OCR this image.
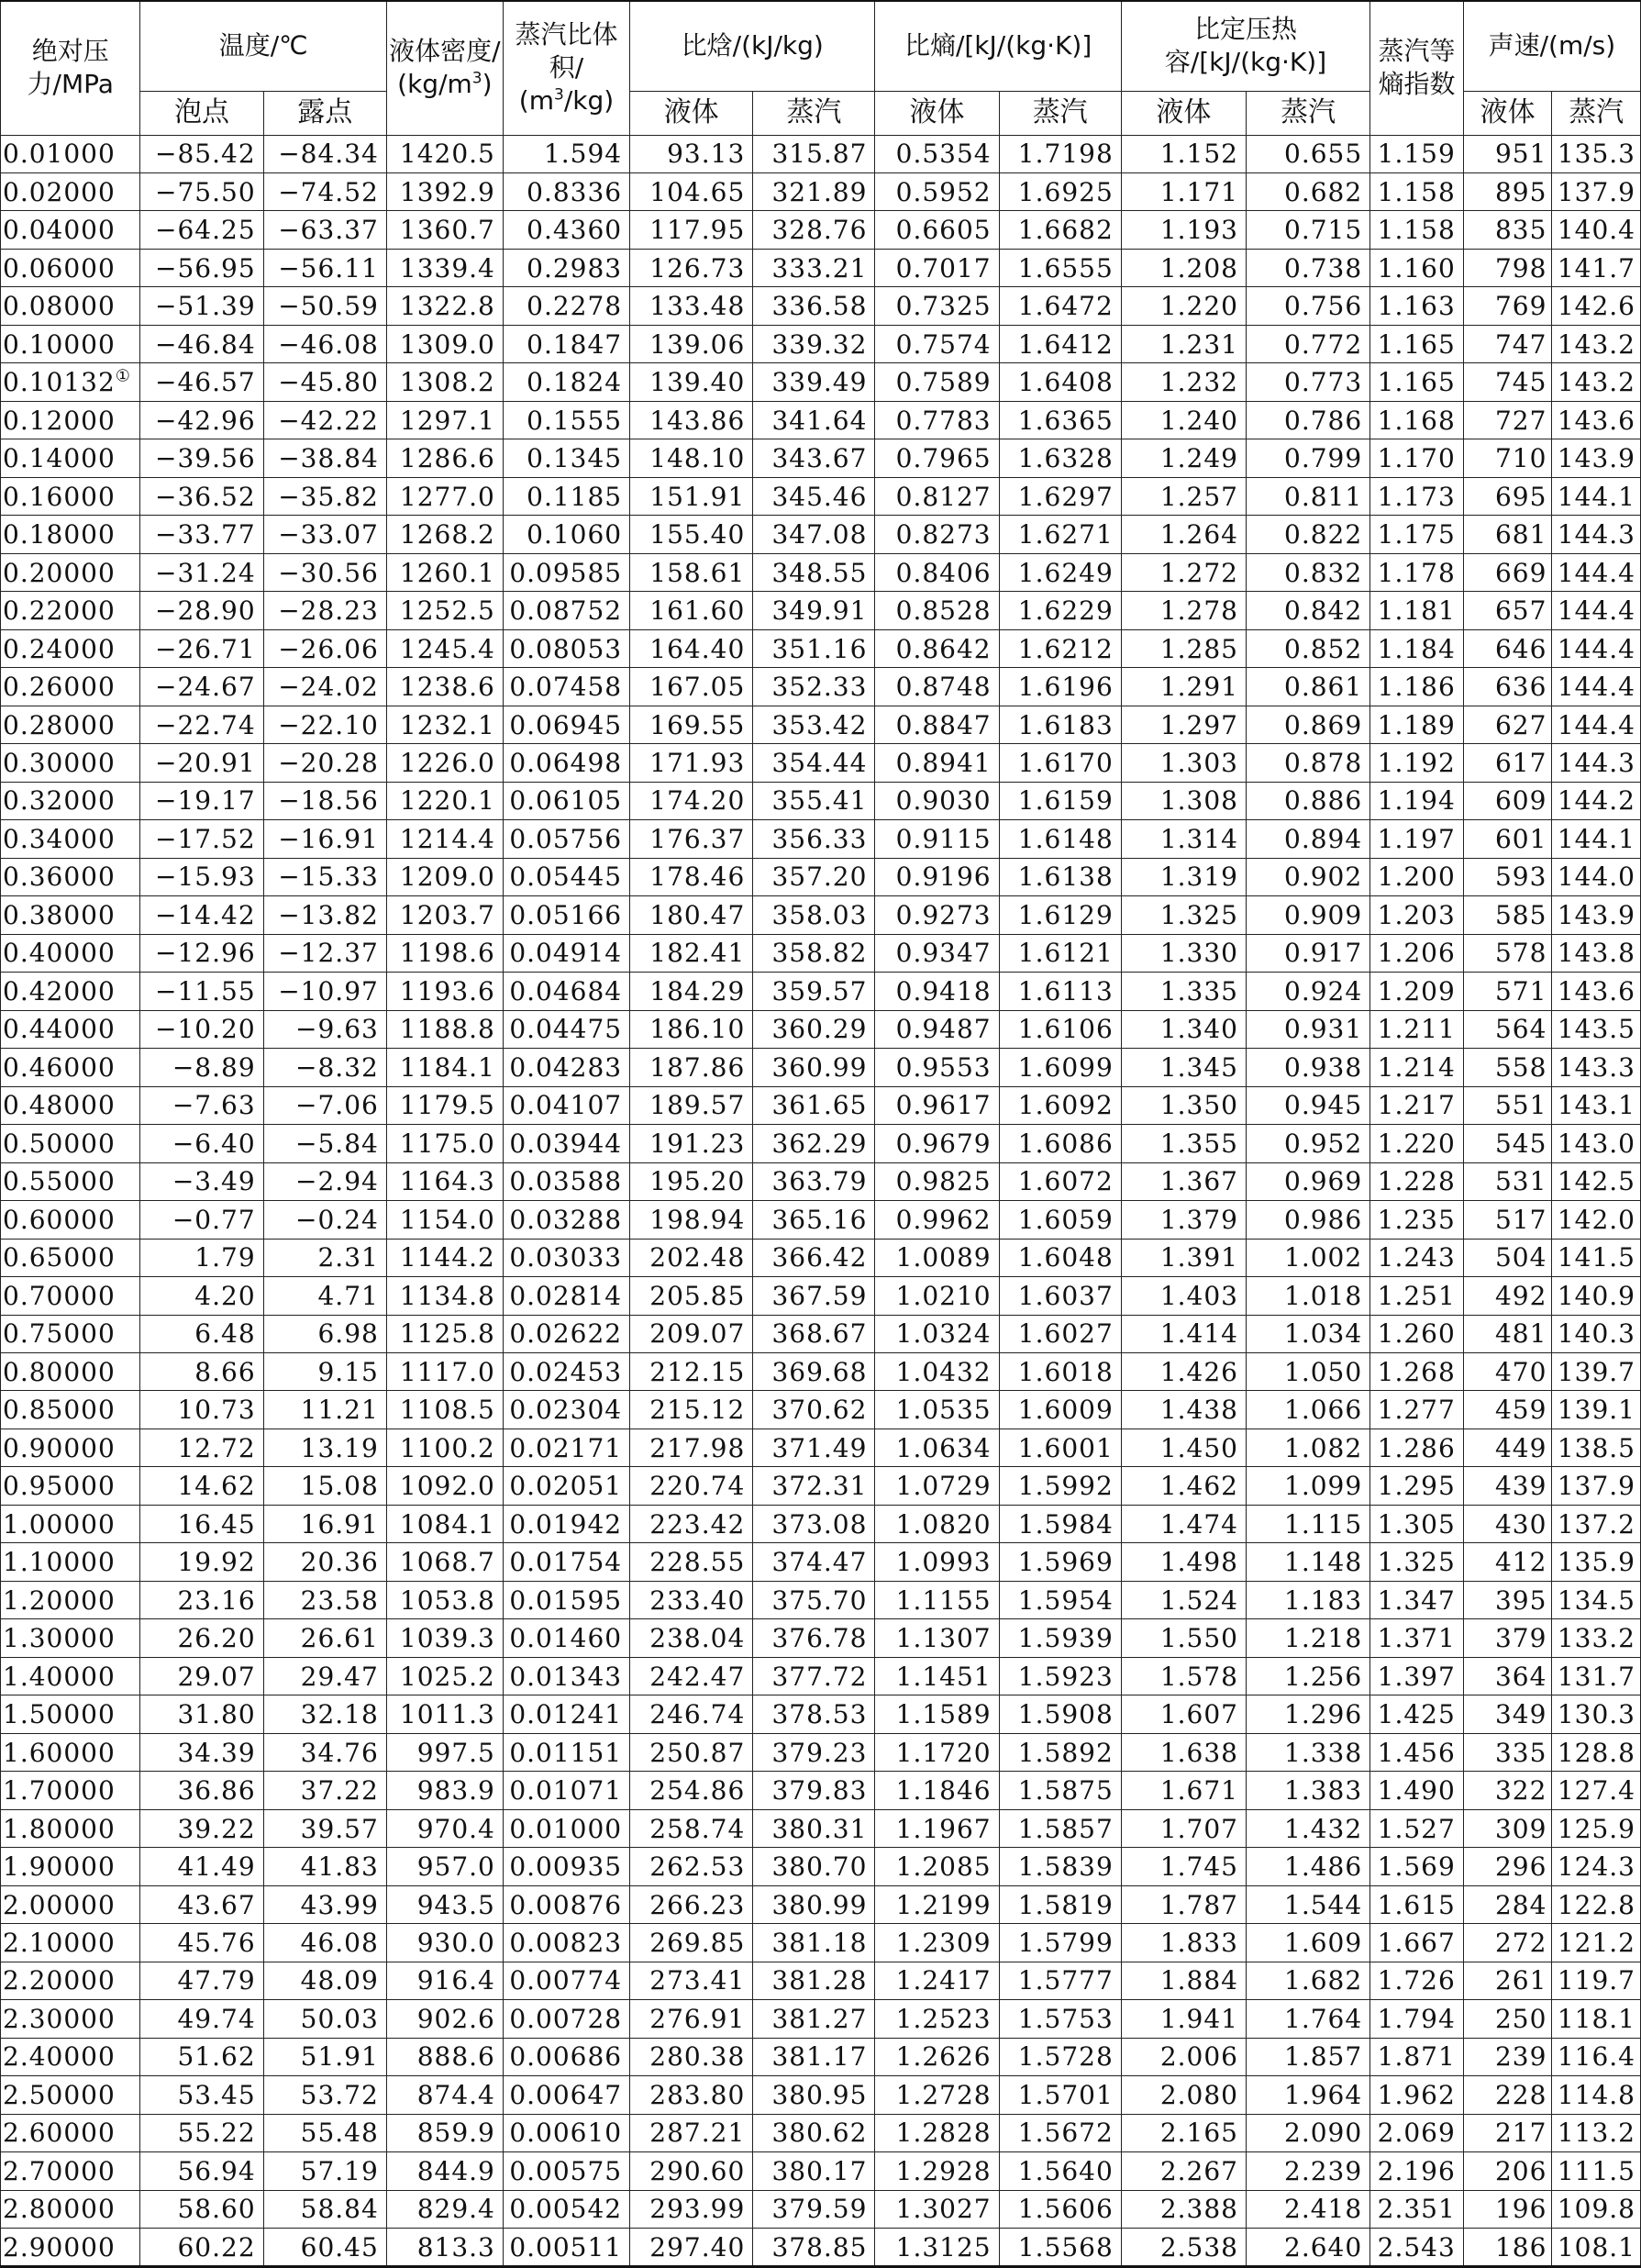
绝对压力/MPa	温度/℃		液体密度/
$(kg/m^3)$	蒸汽比体积/
$(m^3/kg)$	比焓/(kJ/kg)		比熵/[kJ/(kg·K)]		比定压热容/[kJ/(kg·K)]		蒸汽等熵指数	声速/(m/s)	
	泡点	露点			液体	蒸汽	液体	蒸汽	液体	蒸汽		液体	蒸汽
0.01000	−85.42	−84.34	1420.5	1.594	93.13	315.87	0.5354	1.7198	1.152	0.655	1.159	951	135.3
0.02000	−75.50	−74.52	1392.9	0.8336	104.65	321.89	0.5952	1.6925	1.171	0.682	1.158	895	137.9
0.04000	−64.25	−63.37	1360.7	0.4360	117.95	328.76	0.6605	1.6682	1.193	0.715	1.158	835	140.4
0.06000	−56.95	−56.11	1339.4	0.2983	126.73	333.21	0.7017	1.6555	1.208	0.738	1.160	798	141.7
0.08000	−51.39	−50.59	1322.8	0.2278	133.48	336.58	0.7325	1.6472	1.220	0.756	1.163	769	142.6
0.10000	−46.84	−46.08	1309.0	0.1847	139.06	339.32	0.7574	1.6412	1.231	0.772	1.165	747	143.2
0.10132①	−46.57	−45.80	1308.2	0.1824	139.40	339.49	0.7589	1.6408	1.232	0.773	1.165	745	143.2
0.12000	−42.96	−42.22	1297.1	0.1555	143.86	341.64	0.7783	1.6365	1.240	0.786	1.168	727	143.6
0.14000	−39.56	−38.84	1286.6	0.1345	148.10	343.67	0.7965	1.6328	1.249	0.799	1.170	710	143.9
0.16000	−36.52	−35.82	1277.0	0.1185	151.91	345.46	0.8127	1.6297	1.257	0.811	1.173	695	144.1
0.18000	−33.77	−33.07	1268.2	0.1060	155.40	347.08	0.8273	1.6271	1.264	0.822	1.175	681	144.3
0.20000	−31.24	−30.56	1260.1	0.09585	158.61	348.55	0.8406	1.6249	1.272	0.832	1.178	669	144.4
0.22000	−28.90	−28.23	1252.5	0.08752	161.60	349.91	0.8528	1.6229	1.278	0.842	1.181	657	144.4
0.24000	−26.71	−26.06	1245.4	0.08053	164.40	351.16	0.8642	1.6212	1.285	0.852	1.184	646	144.4
0.26000	−24.67	−24.02	1238.6	0.07458	167.05	352.33	0.8748	1.6196	1.291	0.861	1.186	636	144.4
0.28000	−22.74	−22.10	1232.1	0.06945	169.55	353.42	0.8847	1.6183	1.297	0.869	1.189	627	144.4
0.30000	−20.91	−20.28	1226.0	0.06498	171.93	354.44	0.8941	1.6170	1.303	0.878	1.192	617	144.3
0.32000	−19.17	−18.56	1220.1	0.06105	174.20	355.41	0.9030	1.6159	1.308	0.886	1.194	609	144.2
0.34000	−17.52	−16.91	1214.4	0.05756	176.37	356.33	0.9115	1.6148	1.314	0.894	1.197	601	144.1
0.36000	−15.93	−15.33	1209.0	0.05445	178.46	357.20	0.9196	1.6138	1.319	0.902	1.200	593	144.0
0.38000	−14.42	−13.82	1203.7	0.05166	180.47	358.03	0.9273	1.6129	1.325	0.909	1.203	585	143.9
0.40000	−12.96	−12.37	1198.6	0.04914	182.41	358.82	0.9347	1.6121	1.330	0.917	1.206	578	143.8
0.42000	−11.55	−10.97	1193.6	0.04684	184.29	359.57	0.9418	1.6113	1.335	0.924	1.209	571	143.6
0.44000	−10.20	−9.63	1188.8	0.04475	186.10	360.29	0.9487	1.6106	1.340	0.931	1.211	564	143.5
0.46000	−8.89	−8.32	1184.1	0.04283	187.86	360.99	0.9553	1.6099	1.345	0.938	1.214	558	143.3
0.48000	−7.63	−7.06	1179.5	0.04107	189.57	361.65	0.9617	1.6092	1.350	0.945	1.217	551	143.1
0.50000	−6.40	−5.84	1175.0	0.03944	191.23	362.29	0.9679	1.6086	1.355	0.952	1.220	545	143.0
0.55000	−3.49	−2.94	1164.3	0.03588	195.20	363.79	0.9825	1.6072	1.367	0.969	1.228	531	142.5
0.60000	−0.77	−0.24	1154.0	0.03288	198.94	365.16	0.9962	1.6059	1.379	0.986	1.235	517	142.0
0.65000	1.79	2.31	1144.2	0.03033	202.48	366.42	1.0089	1.6048	1.391	1.002	1.243	504	141.5
0.70000	4.20	4.71	1134.8	0.02814	205.85	367.59	1.0210	1.6037	1.403	1.018	1.251	492	140.9
0.75000	6.48	6.98	1125.8	0.02622	209.07	368.67	1.0324	1.6027	1.414	1.034	1.260	481	140.3
0.80000	8.66	9.15	1117.0	0.02453	212.15	369.68	1.0432	1.6018	1.426	1.050	1.268	470	139.7
0.85000	10.73	11.21	1108.5	0.02304	215.12	370.62	1.0535	1.6009	1.438	1.066	1.277	459	139.1
0.90000	12.72	13.19	1100.2	0.02171	217.98	371.49	1.0634	1.6001	1.450	1.082	1.286	449	138.5
0.95000	14.62	15.08	1092.0	0.02051	220.74	372.31	1.0729	1.5992	1.462	1.099	1.295	439	137.9
1.00000	16.45	16.91	1084.1	0.01942	223.42	373.08	1.0820	1.5984	1.474	1.115	1.305	430	137.2
1.10000	19.92	20.36	1068.7	0.01754	228.55	374.47	1.0993	1.5969	1.498	1.148	1.325	412	135.9
1.20000	23.16	23.58	1053.8	0.01595	233.40	375.70	1.1155	1.5954	1.524	1.183	1.347	395	134.5
1.30000	26.20	26.61	1039.3	0.01460	238.04	376.78	1.1307	1.5939	1.550	1.218	1.371	379	133.2
1.40000	29.07	29.47	1025.2	0.01343	242.47	377.72	1.1451	1.5923	1.578	1.256	1.397	364	131.7
1.50000	31.80	32.18	1011.3	0.01241	246.74	378.53	1.1589	1.5908	1.607	1.296	1.425	349	130.3
1.60000	34.39	34.76	997.5	0.01151	250.87	379.23	1.1720	1.5892	1.638	1.338	1.456	335	128.8
1.70000	36.86	37.22	983.9	0.01071	254.86	379.83	1.1846	1.5875	1.671	1.383	1.490	322	127.4
1.80000	39.22	39.57	970.4	0.01000	258.74	380.31	1.1967	1.5857	1.707	1.432	1.527	309	125.9
1.90000	41.49	41.83	957.0	0.00935	262.53	380.70	1.2085	1.5839	1.745	1.486	1.569	296	124.3
2.00000	43.67	43.99	943.5	0.00876	266.23	380.99	1.2199	1.5819	1.787	1.544	1.615	284	122.8
2.10000	45.76	46.08	930.0	0.00823	269.85	381.18	1.2309	1.5799	1.833	1.609	1.667	272	121.2
2.20000	47.79	48.09	916.4	0.00774	273.41	381.28	1.2417	1.5777	1.884	1.682	1.726	261	119.7
2.30000	49.74	50.03	902.6	0.00728	276.91	381.27	1.2523	1.5753	1.941	1.764	1.794	250	118.1
2.40000	51.62	51.91	888.6	0.00686	280.38	381.17	1.2626	1.5728	2.006	1.857	1.871	239	116.4
2.50000	53.45	53.72	874.4	0.00647	283.80	380.95	1.2728	1.5701	2.080	1.964	1.962	228	114.8
2.60000	55.22	55.48	859.9	0.00610	287.21	380.62	1.2828	1.5672	2.165	2.090	2.069	217	113.2
2.70000	56.94	57.19	844.9	0.00575	290.60	380.17	1.2928	1.5640	2.267	2.239	2.196	206	111.5
2.80000	58.60	58.84	829.4	0.00542	293.99	379.59	1.3027	1.5606	2.388	2.418	2.351	196	109.8
2.90000	60.22	60.45	813.3	0.00511	297.40	378.85	1.3125	1.5568	2.538	2.640	2.543	186	108.1
